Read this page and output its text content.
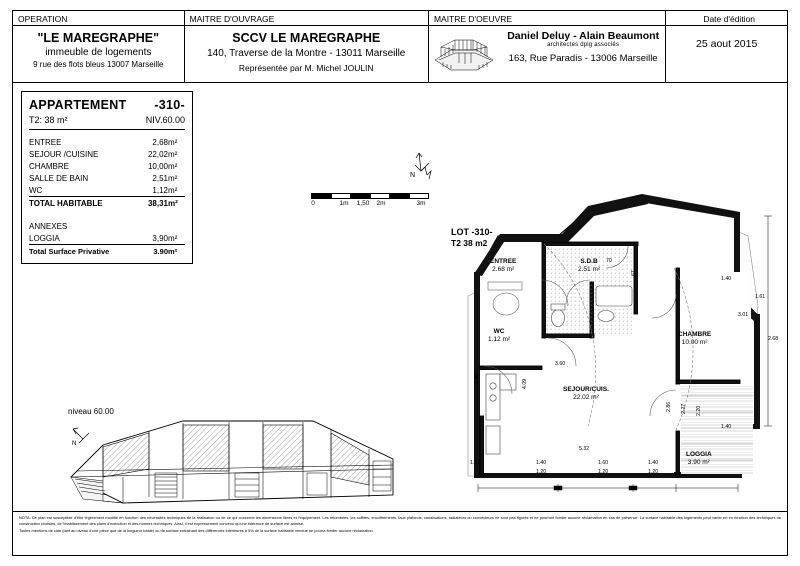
OPERATION
"LE MAREGRAPHE"
immeuble de logements
9 rue des flots bleus 13007 Marseille
MAITRE D'OUVRAGE
SCCV LE MAREGRAPHE
140, Traverse de la Montre - 13011 Marseille
Représentée par M. Michel JOULIN
MAITRE D'OEUVRE
Daniel Deluy - Alain Beaumont
architectes dplg associés
163, Rue Paradis - 13006 Marseille
Date d'édition
25 aout 2015
APPARTEMENT -310-
T2: 38 m²	NIV.60.00
ENTREE	2,68	m²
SEJOUR /CUISINE	22,02	m²
CHAMBRE	10,00	m²
SALLE DE BAIN	2,51	m²
WC	1,12	m²
TOTAL HABITABLE	38,31	m²

ANNEXES		
LOGGIA	3,90	m²
Total Surface Privative	3.90	m²
N
0	1m 1,50 2m	3m
LOT -310-
T2 38 m2
ENTREE
2.68 m²
S.D.B
2.51 m²
WC
1.12 m²
CHAMBRE
10.00 m²
SEJOUR/CUIS.
22.02 m²
LOGGIA
3.90 m²
1.40
1.61
3.01
2.68
1.40
2.86 2.27 2.20
5.32
1.40
1.20
1.60
1.20
1.40
1.20
1.12
4.09
1.40
3.60
67
70
niveau 60.00
N

NOTA: Ce plan est susceptible d'être légèrement modifié en fonction des nécessités techniques de la réalisation ou de ce qui concerne les dimensions libres et l'équipement. Les retombées, les soffites, encoffrements, faux plafonds, canalisations, radiateurs ou convecteurs ne sont pas figurés et ne pourront fonder aucune réclamation en cas de présence. La surface habitable des logements peut varier en en fonction des techniques de construction choisies, de l'établissement des plans d'exécution et des normes techniques. Ainsi, il est expressément convenu qu'une tolérance de surface est admise.

Toutes mentions de côte (tant au niveau d'une pièce que de la longueur totale) ou de surface entrainant des différences inférieures à 5% de la surface habitable vendue ne pourra fonder aucune réclamation.
